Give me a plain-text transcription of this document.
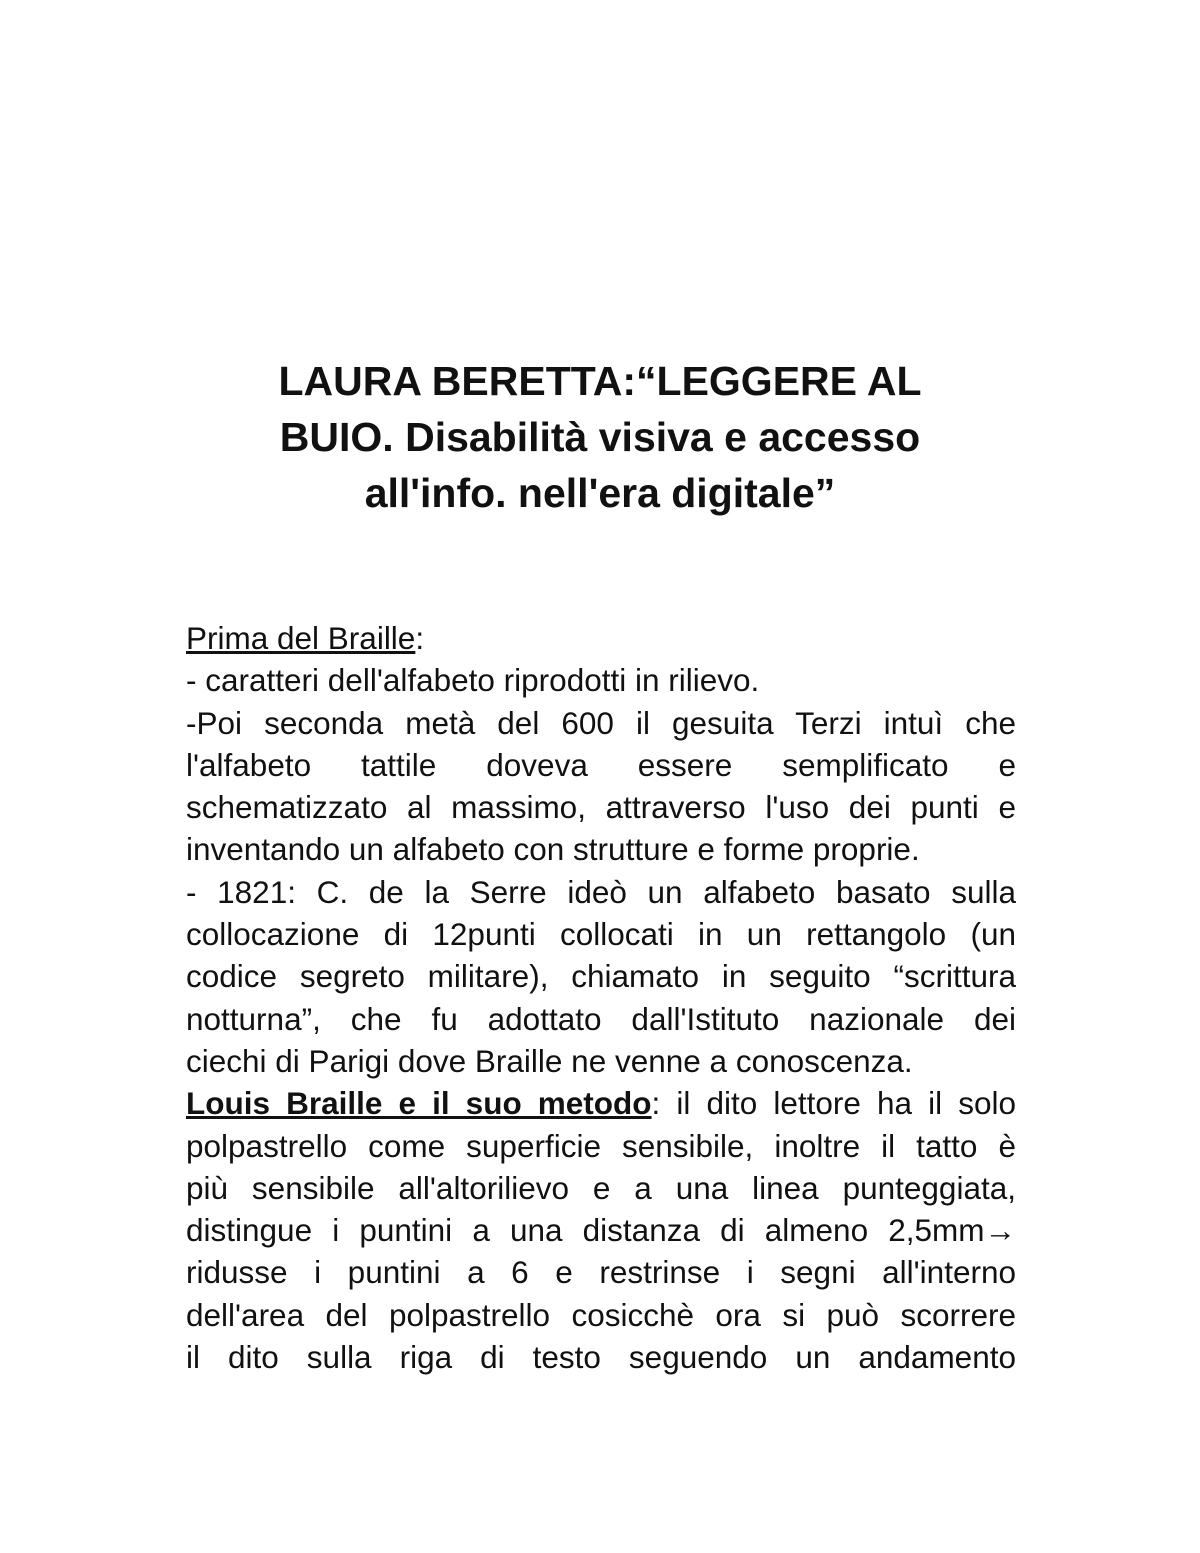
LAURA BERETTA:“LEGGERE AL
BUIO. Disabilità visiva e accesso
all'info. nell'era digitale”
Prima del Braille:
- caratteri dell'alfabeto riprodotti in rilievo.
-Poi seconda metà del 600 il gesuita Terzi intuì che
l'alfabeto tattile doveva essere semplificato e
schematizzato al massimo, attraverso l'uso dei punti e
inventando un alfabeto con strutture e forme proprie.
- 1821: C. de la Serre ideò un alfabeto basato sulla
collocazione di 12punti collocati in un rettangolo (un
codice segreto militare), chiamato in seguito “scrittura
notturna”, che fu adottato dall'Istituto nazionale dei
ciechi di Parigi dove Braille ne venne a conoscenza.
Louis Braille e il suo metodo: il dito lettore ha il solo
polpastrello come superficie sensibile, inoltre il tatto è
più sensibile all'altorilievo e a una linea punteggiata,
distingue i puntini a una distanza di almeno 2,5mm→
ridusse i puntini a 6 e restrinse i segni all'interno
dell'area del polpastrello cosicchè ora si può scorrere
il dito sulla riga di testo seguendo un andamento
